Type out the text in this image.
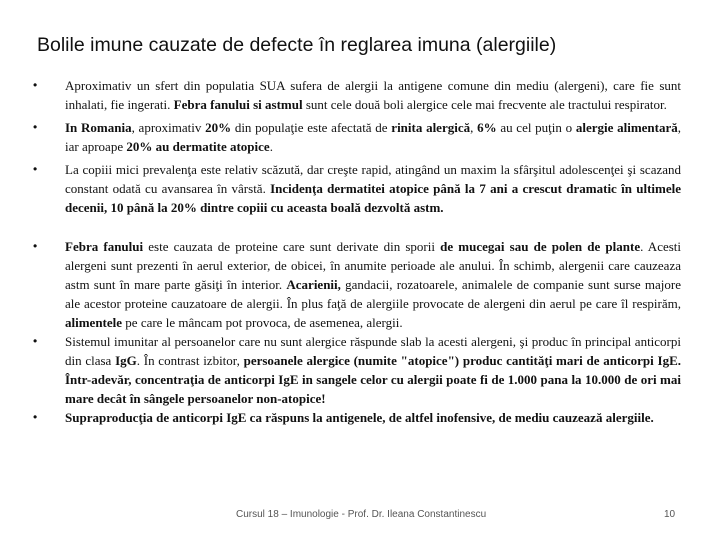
Bolile imune cauzate de defecte în reglarea imuna (alergiile)

• Aproximativ un sfert din populatia SUA sufera de alergii la antigene comune din mediu (alergeni), care fie sunt inhalati, fie ingerati. Febra fanului si astmul sunt cele două boli alergice cele mai frecvente ale tractului respirator.

• In Romania, aproximativ 20% din populaţie este afectată de rinita alergică, 6% au cel puţin o alergie alimentară, iar aproape 20% au dermatite atopice.

• La copiii mici prevalenţa este relativ scăzută, dar creşte rapid, atingând un maxim la sfârşitul adolescenţei şi scazand constant odată cu avansarea în vârstă. Incidenţa dermatitei atopice până la 7 ani a crescut dramatic în ultimele decenii, 10 până la 20% dintre copiii cu aceasta boală dezvoltă astm.

• Febra fanului este cauzata de proteine care sunt derivate din sporii de mucegai sau de polen de plante. Acesti alergeni sunt prezenti în aerul exterior, de obicei, în anumite perioade ale anului. În schimb, alergenii care cauzeaza astm sunt în mare parte găsiţi în interior. Acarienii, gandacii, rozatoarele, animalele de companie sunt surse majore ale acestor proteine cauzatoare de alergii. În plus faţă de alergiile provocate de alergeni din aerul pe care îl respirăm, alimentele pe care le mâncam pot provoca, de asemenea, alergii.

• Sistemul imunitar al persoanelor care nu sunt alergice răspunde slab la acesti alergeni, şi produc în principal anticorpi din clasa IgG. În contrast izbitor, persoanele alergice (numite "atopice") produc cantităţi mari de anticorpi IgE. Într-adevăr, concentraţia de anticorpi IgE in sangele celor cu alergii poate fi de 1.000 pana la 10.000 de ori mai mare decât în sângele persoanelor non-atopice!

• Supraproducţia de anticorpi IgE ca răspuns la antigenele, de altfel inofensive, de mediu cauzează alergiile.

Cursul 18 – Imunologie - Prof. Dr. Ileana Constantinescu	10
